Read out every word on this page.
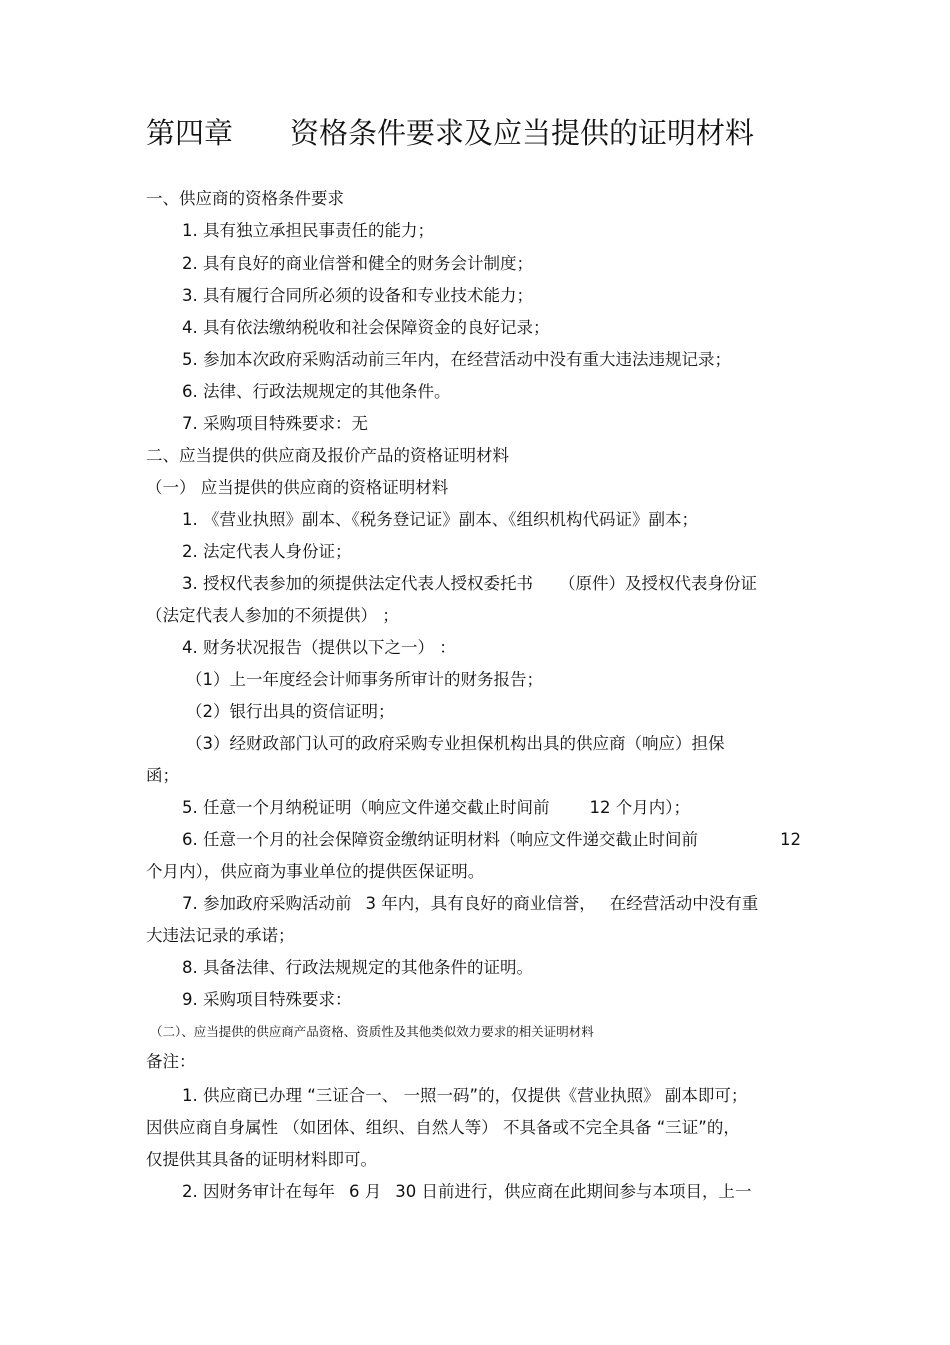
第四章 资格条件要求及应当提供的证明材料
一、供应商的资格条件要求
1. 具有独立承担民事责任的能力；
2. 具有良好的商业信誉和健全的财务会计制度；
3. 具有履行合同所必须的设备和专业技术能力；
4. 具有依法缴纳税收和社会保障资金的良好记录；
5. 参加本次政府采购活动前三年内，在经营活动中没有重大违法违规记录；
6. 法律、行政法规规定的其他条件。
7. 采购项目特殊要求：无
二、应当提供的供应商及报价产品的资格证明材料
（一） 应当提供的供应商的资格证明材料
1. 《营业执照》副本、《税务登记证》副本、《组织机构代码证》副本；
2. 法定代表人身份证；
3. 授权代表参加的须提供法定代表人授权委托书 （原件）及授权代表身份证
（法定代表人参加的不须提供） ；
4. 财务状况报告（提供以下之一） ：
（1）上一年度经会计师事务所审计的财务报告；
（2）银行出具的资信证明；
（3）经财政部门认可的政府采购专业担保机构出具的供应商（响应）担保
函；
5. 任意一个月纳税证明（响应文件递交截止时间前 12 个月内）；
6. 任意一个月的社会保障资金缴纳证明材料（响应文件递交截止时间前	12
个月内），供应商为事业单位的提供医保证明。
7. 参加政府采购活动前 3 年内，具有良好的商业信誉， 在经营活动中没有重
大违法记录的承诺；
8. 具备法律、行政法规规定的其他条件的证明。
9. 采购项目特殊要求：
（二）、应当提供的供应商产品资格、资质性及其他类似效力要求的相关证明材料
备注：
1. 供应商已办理 “三证合一、 一照一码”的，仅提供《营业执照》 副本即可；
因供应商自身属性 （如团体、组织、自然人等） 不具备或不完全具备 “三证”的，
仅提供其具备的证明材料即可。
2. 因财务审计在每年 6 月 30 日前进行，供应商在此期间参与本项目，上一
